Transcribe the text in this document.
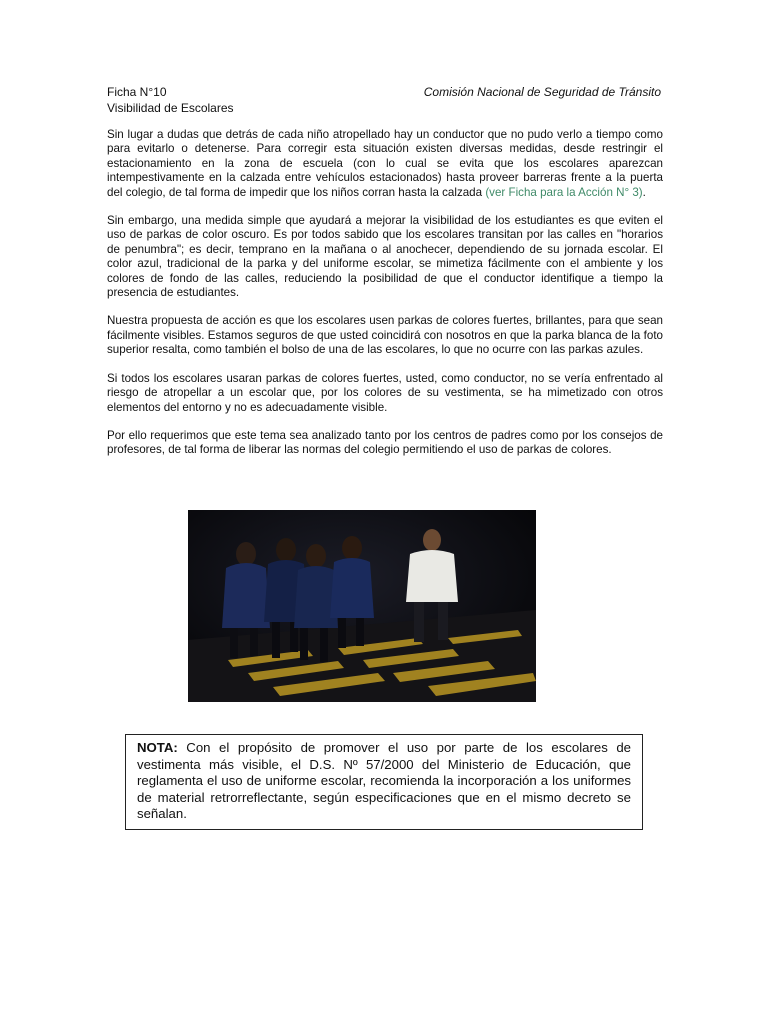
Ficha N°10
Visibilidad de Escolares
Comisión Nacional de Seguridad de Tránsito

Sin lugar a dudas que detrás de cada niño atropellado hay un conductor que no pudo verlo a tiempo como para evitarlo o detenerse. Para corregir esta situación existen diversas medidas, desde restringir el estacionamiento en la zona de escuela (con lo cual se evita que los escolares aparezcan intempestivamente en la calzada entre vehículos estacionados) hasta proveer barreras frente a la puerta del colegio, de tal forma de impedir que los niños corran hasta la calzada (ver Ficha para la Acción N° 3).

Sin embargo, una medida simple que ayudará a mejorar la visibilidad de los estudiantes es que eviten el uso de parkas de color oscuro. Es por todos sabido que los escolares transitan por las calles en "horarios de penumbra"; es decir, temprano en la mañana o al anochecer, dependiendo de su jornada escolar. El color azul, tradicional de la parka y del uniforme escolar, se mimetiza fácilmente con el ambiente y los colores de fondo de las calles, reduciendo la posibilidad de que el conductor identifique a tiempo la presencia de estudiantes.

Nuestra propuesta de acción es que los escolares usen parkas de colores fuertes, brillantes, para que sean fácilmente visibles. Estamos seguros de que usted coincidirá con nosotros en que la parka blanca de la foto superior resalta, como también el bolso de una de las escolares, lo que no ocurre con las parkas azules.

Si todos los escolares usaran parkas de colores fuertes, usted, como conductor, no se vería enfrentado al riesgo de atropellar a un escolar que, por los colores de su vestimenta, se ha mimetizado con otros elementos del entorno y no es adecuadamente visible.

Por ello requerimos que este tema sea analizado tanto por los centros de padres como por los consejos de profesores, de tal forma de liberar las normas del colegio permitiendo el uso de parkas de colores.

NOTA: Con el propósito de promover el uso por parte de los escolares de vestimenta más visible, el D.S. Nº 57/2000 del Ministerio de Educación, que reglamenta el uso de uniforme escolar, recomienda la incorporación a los uniformes de material retrorreflectante, según especificaciones que en el mismo decreto se señalan.
